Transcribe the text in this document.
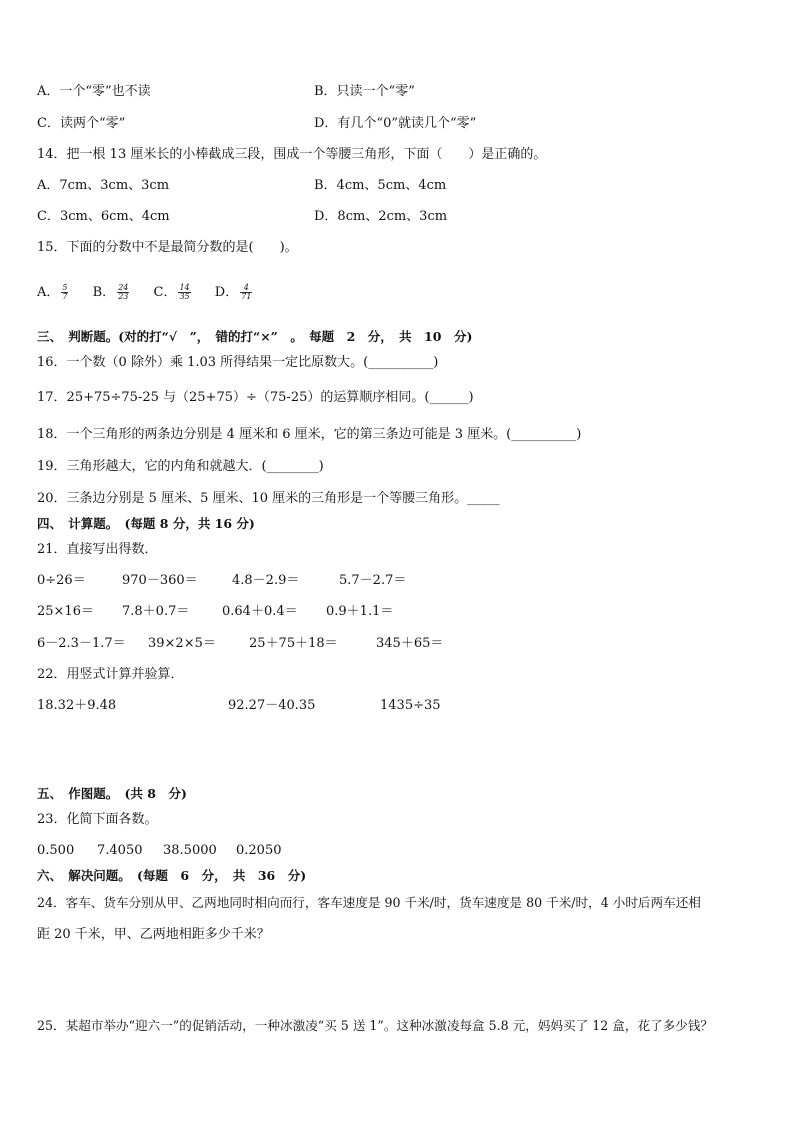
A．一个“零”也不读	B．只读一个“零”
C．读两个“零”	D．有几个“0”就读几个“零”
14．把一根 13 厘米长的小棒截成三段，围成一个等腰三角形，下面（　　）是正确的。
A．7cm、3cm、3cm	B．4cm、5cm、4cm
C．3cm、6cm、4cm	D．8cm、2cm、3cm
15．下面的分数中不是最简分数的是(　　)。
A． $\frac{5}{7}$ B． $\frac{24}{23}$ C． $\frac{14}{35}$ D． $\frac{4}{71}$
三、　判断题。(对的打“√　”，　错的打“×”　。　每题　2　分，　共　10　分)
16．一个数（0 除外）乘 1.03 所得结果一定比原数大。(__________)
17．25+75÷75-25 与（25+75）÷（75-25）的运算顺序相同。(______)
18．一个三角形的两条边分别是 4 厘米和 6 厘米，它的第三条边可能是 3 厘米。(__________)
19．三角形越大，它的内角和就越大．(________)
20．三条边分别是 5 厘米、5 厘米、10 厘米的三角形是一个等腰三角形。_____
四、　计算题。　(每题 8 分，共 16 分)
21．直接写出得数．
0÷26＝	970－360＝	4.8－2.9＝	5.7－2.7＝
25×16＝ 7.8＋0.7＝	0.64＋0.4＝ 0.9＋1.1＝
6－2.3－1.7＝ 39×2×5＝	25＋75＋18＝	345＋65＝
22．用竖式计算并验算．
18.32＋9.48	92.27－40.35	1435÷35
五、　作图题。　(共 8　分)
23．化简下面各数。
0.500 7.4050 38.5000 0.2050
六、　解决问题。　(每题　6　分，　共　36　分)
24．客车、货车分别从甲、乙两地同时相向而行，客车速度是 90 千米/时，货车速度是 80 千米/时，4 小时后两车还相
距 20 千米，甲、乙两地相距多少千米？
25．某超市举办“迎六一”的促销活动，一种冰激凌“买 5 送 1”。这种冰激凌每盒 5.8 元，妈妈买了 12 盒，花了多少钱？
